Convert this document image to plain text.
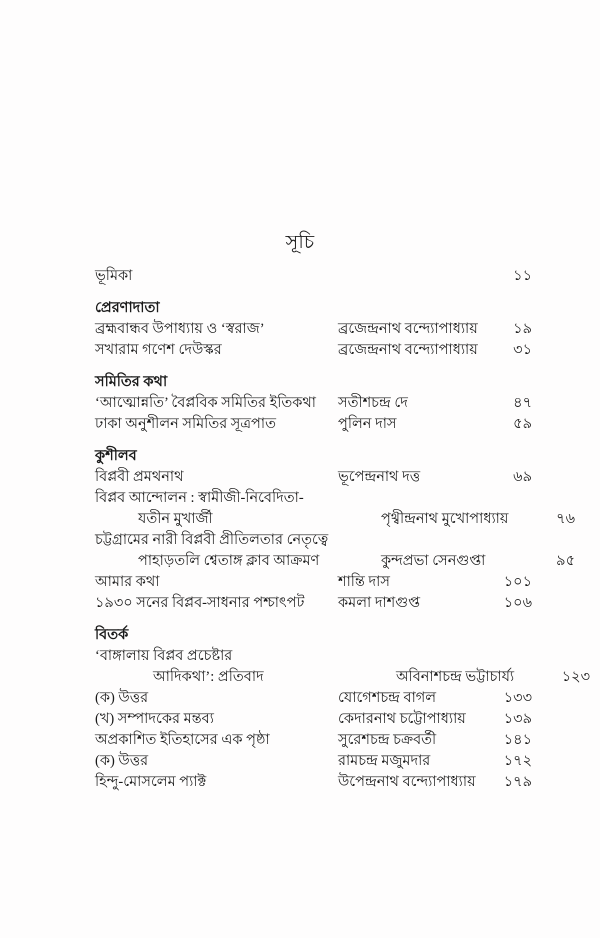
সূচি
ভূমিকা	১১
প্রেরণাদাতা
ব্রহ্মবান্ধব উপাধ্যায় ও ‘স্বরাজ’	ব্রজেন্দ্রনাথ বন্দ্যোপাধ্যায়	১৯
সখারাম গণেশ দেউস্কর	ব্রজেন্দ্রনাথ বন্দ্যোপাধ্যায়	৩১
সমিতির কথা
‘আত্মোন্নতি’ বৈপ্লবিক সমিতির ইতিকথা	সতীশচন্দ্র দে	৪৭
ঢাকা অনুশীলন সমিতির সূত্রপাত	পুলিন দাস	৫৯
কুশীলব
বিপ্লবী প্রমথনাথ	ভূপেন্দ্রনাথ দত্ত	৬৯
বিপ্লব আন্দোলন : স্বামীজী-নিবেদিতা-
যতীন মুখার্জী	পৃথ্বীন্দ্রনাথ মুখোপাধ্যায়	৭৬
চট্টগ্রামের নারী বিপ্লবী প্রীতিলতার নেতৃত্বে
পাহাড়তলি শ্বেতাঙ্গ ক্লাব আক্রমণ	কুন্দপ্রভা সেনগুপ্তা	৯৫
আমার কথা	শান্তি দাস	১০১
১৯৩০ সনের বিপ্লব-সাধনার পশ্চাৎপট	কমলা দাশগুপ্ত	১০৬
বিতর্ক
‘বাঙ্গালায় বিপ্লব প্রচেষ্টার
আদিকথা’: প্রতিবাদ	অবিনাশচন্দ্র ভট্টাচার্য্য	১২৩
(ক) উত্তর	যোগেশচন্দ্র বাগল	১৩৩
(খ) সম্পাদকের মন্তব্য	কেদারনাথ চট্টোপাধ্যায়	১৩৯
অপ্রকাশিত ইতিহাসের এক পৃষ্ঠা	সুরেশচন্দ্র চক্রবর্তী	১৪১
(ক) উত্তর	রামচন্দ্র মজুমদার	১৭২
হিন্দু-মোসলেম প্যাক্ট	উপেন্দ্রনাথ বন্দ্যোপাধ্যায়	১৭৯
